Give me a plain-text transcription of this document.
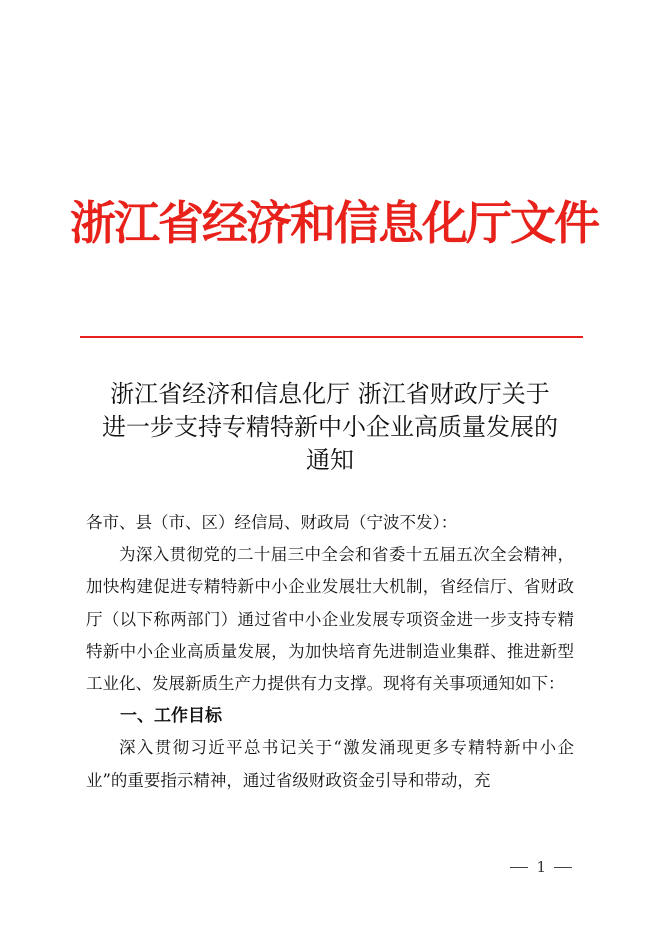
浙江省经济和信息化厅文件
浙江省经济和信息化厅 浙江省财政厅关于
进一步支持专精特新中小企业高质量发展的
通知

各市、县（市、区）经信局、财政局（宁波不发）：

为深入贯彻党的二十届三中全会和省委十五届五次全会精神，加快构建促进专精特新中小企业发展壮大机制，省经信厅、省财政厅（以下称两部门）通过省中小企业发展专项资金进一步支持专精特新中小企业高质量发展，为加快培育先进制造业集群、推进新型工业化、发展新质生产力提供有力支撑。现将有关事项通知如下：

一、工作目标

深入贯彻习近平总书记关于“激发涌现更多专精特新中小企业”的重要指示精神，通过省级财政资金引导和带动，充

1
